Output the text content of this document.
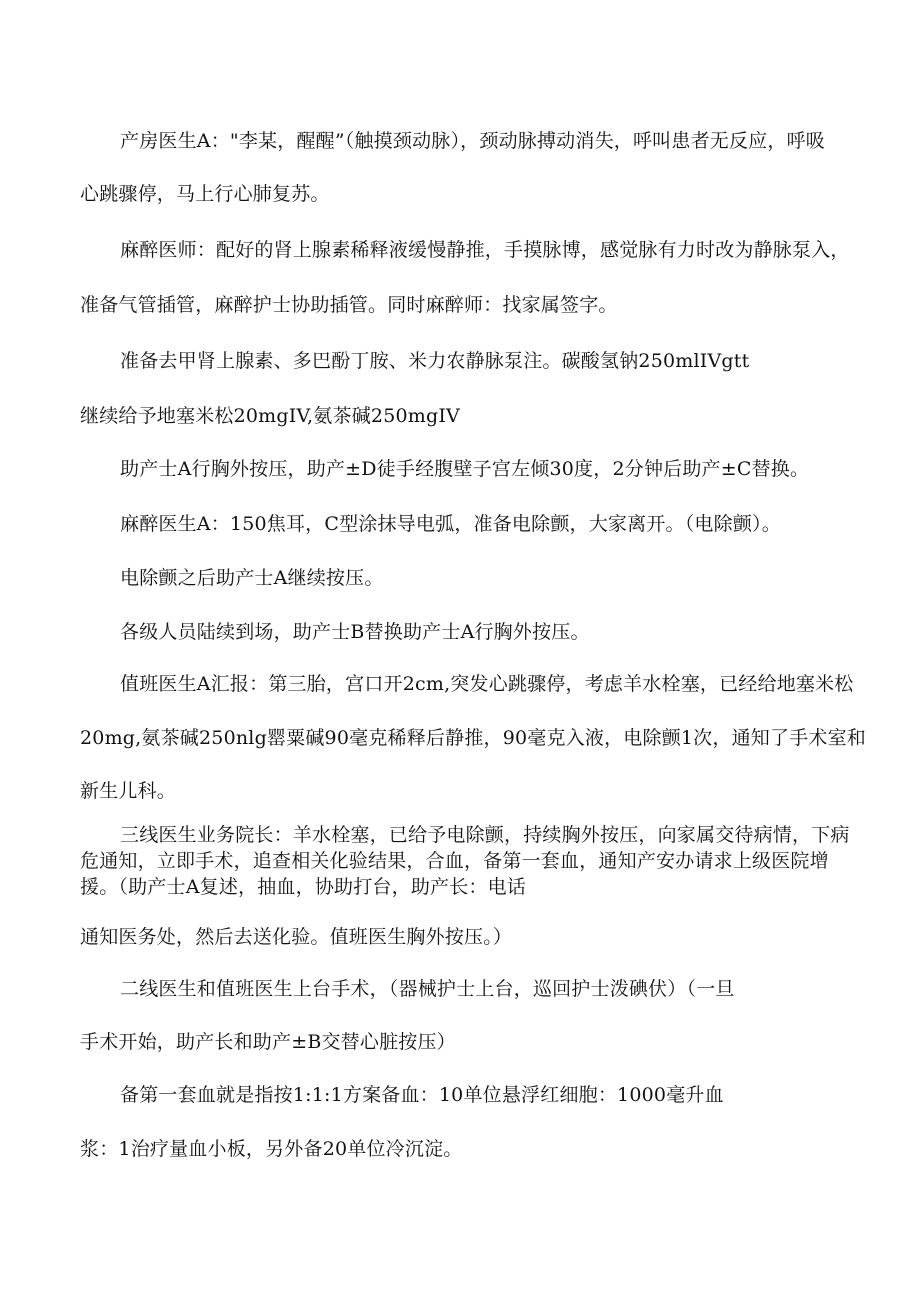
产房医生A："李某，醒醒”（触摸颈动脉），颈动脉搏动消失，呼叫患者无反应，呼吸

心跳骤停，马上行心肺复苏。

麻醉医师：配好的肾上腺素稀释液缓慢静推，手摸脉博，感觉脉有力时改为静脉泵入，

准备气管插管，麻醉护士协助插管。同时麻醉师：找家属签字。

准备去甲肾上腺素、多巴酚丁胺、米力农静脉泵注。碳酸氢钠250mlIVgtt

继续给予地塞米松20mgIV,氨茶碱250mgIV

助产士A行胸外按压，助产±D徒手经腹壁子宫左倾30度，2分钟后助产±C替换。

麻醉医生A：150焦耳，C型涂抹导电弧，准备电除颤，大家离开。（电除颤）。

电除颤之后助产士A继续按压。

各级人员陆续到场，助产士B替换助产士A行胸外按压。

值班医生A汇报：第三胎，宫口开2cm,突发心跳骤停，考虑羊水栓塞，已经给地塞米松

20mg,氨茶碱250nlg罂粟碱90毫克稀释后静推，90毫克入液，电除颤1次，通知了手术室和

新生儿科。

三线医生业务院长：羊水栓塞，已给予电除颤，持续胸外按压，向家属交待病情，下病

危通知，立即手术，追查相关化验结果，合血，备第一套血，通知产安办请求上级医院增

援。（助产士A复述，抽血，协助打台，助产长：电话

通知医务处，然后去送化验。值班医生胸外按压。）

二线医生和值班医生上台手术，（器械护士上台，巡回护士泼碘伏）（一旦

手术开始，助产长和助产±B交替心脏按压）

备第一套血就是指按1:1:1方案备血：10单位悬浮红细胞：1000毫升血

浆：1治疗量血小板，另外备20单位冷沉淀。
